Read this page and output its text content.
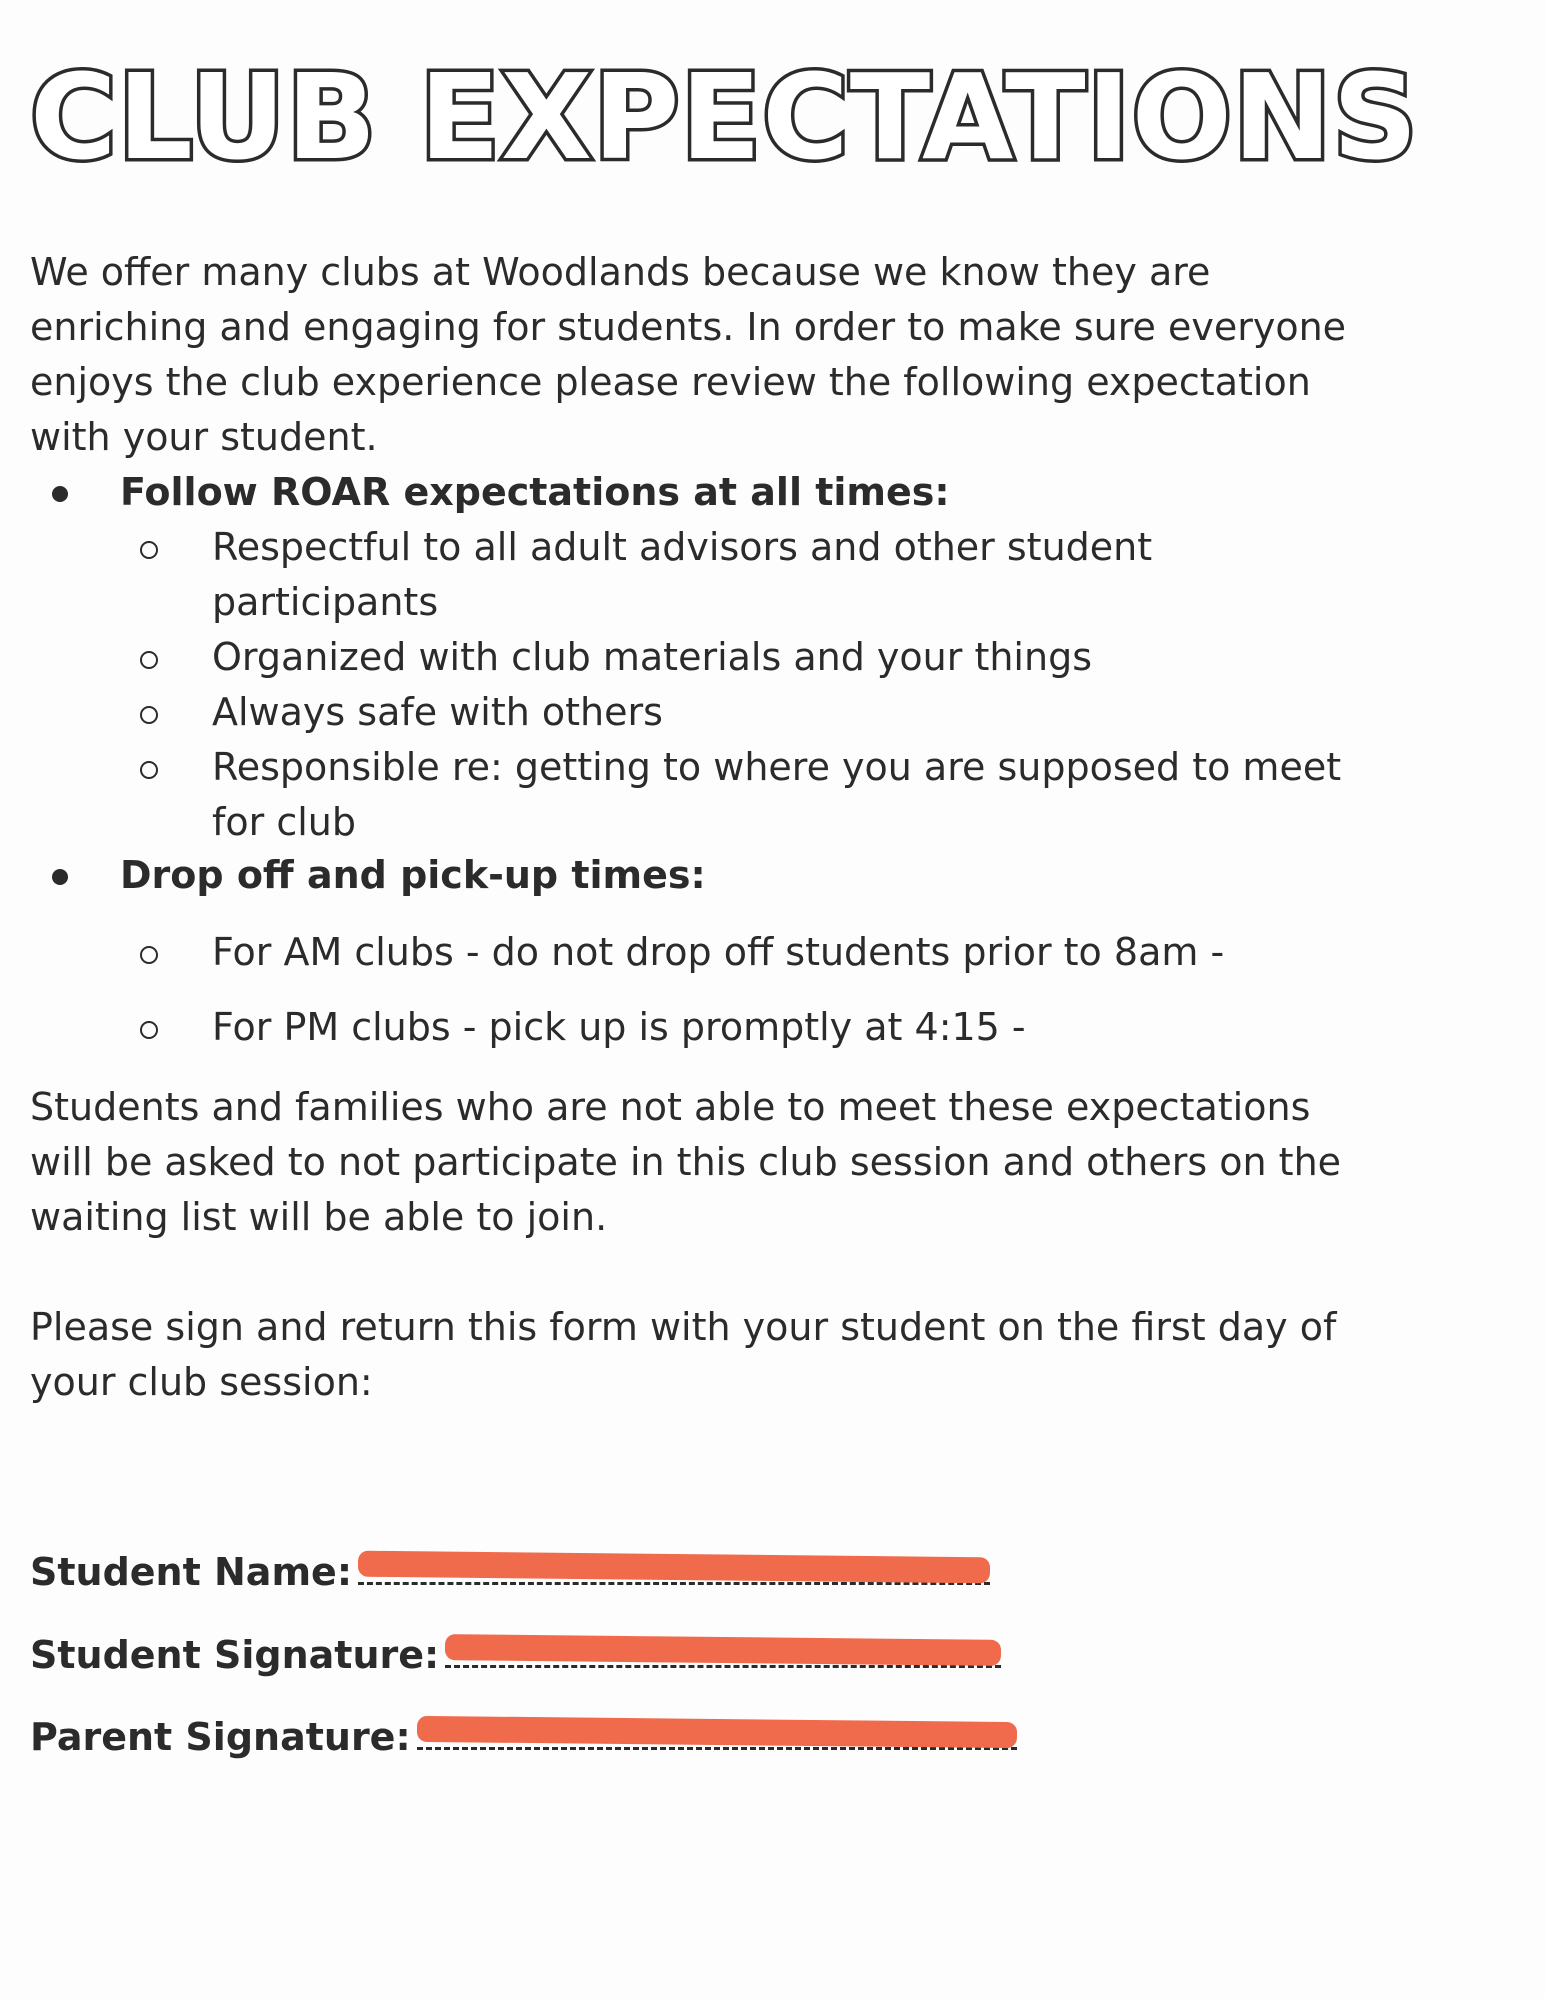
CLUB EXPECTATIONS
We offer many clubs at Woodlands because we know they are
enriching and engaging for students. In order to make sure everyone
enjoys the club experience please review the following expectation
with your student.
Follow ROAR expectations at all times:
Respectful to all adult advisors and other student
participants
Organized with club materials and your things
Always safe with others
Responsible re: getting to where you are supposed to meet
for club
Drop off and pick-up times:
For AM clubs - do not drop off students prior to 8am -
For PM clubs - pick up is promptly at 4:15 -
Students and families who are not able to meet these expectations
will be asked to not participate in this club session and others on the
waiting list will be able to join.
Please sign and return this form with your student on the first day of
your club session:
Student Name:
Student Signature:
Parent Signature:
